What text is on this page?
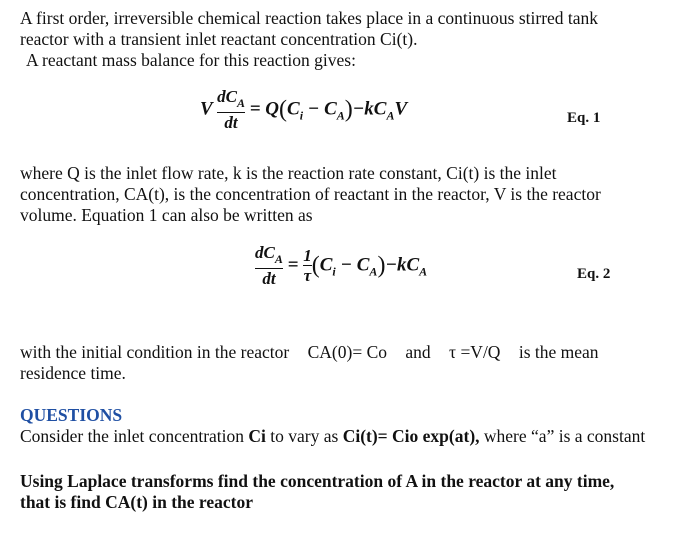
A first order, irreversible chemical reaction takes place in a continuous stirred tank
reactor with a transient inlet reactant concentration Ci(t).
A reactant mass balance for this reaction gives:
V $\frac{dC_A}{dt} = Q(C_i - C_A)-kC_AV$	Eq. 1
where Q is the inlet flow rate, k is the reaction rate constant, Ci(t) is the inlet
concentration, CA(t), is the concentration of reactant in the reactor, V is the reactor
volume. Equation 1 can also be written as
$\frac{dC_A}{dt} = \frac{1}{\tau} (C_i - C_A)-kC_A$	Eq. 2
with the initial condition in the reactor CA(0)= Co and τ =V/Q is the mean
residence time.
QUESTIONS
Consider the inlet concentration Ci to vary as Ci(t)= Cio exp(at), where “a” is a constant
Using Laplace transforms find the concentration of A in the reactor at any time,
that is find CA(t) in the reactor
